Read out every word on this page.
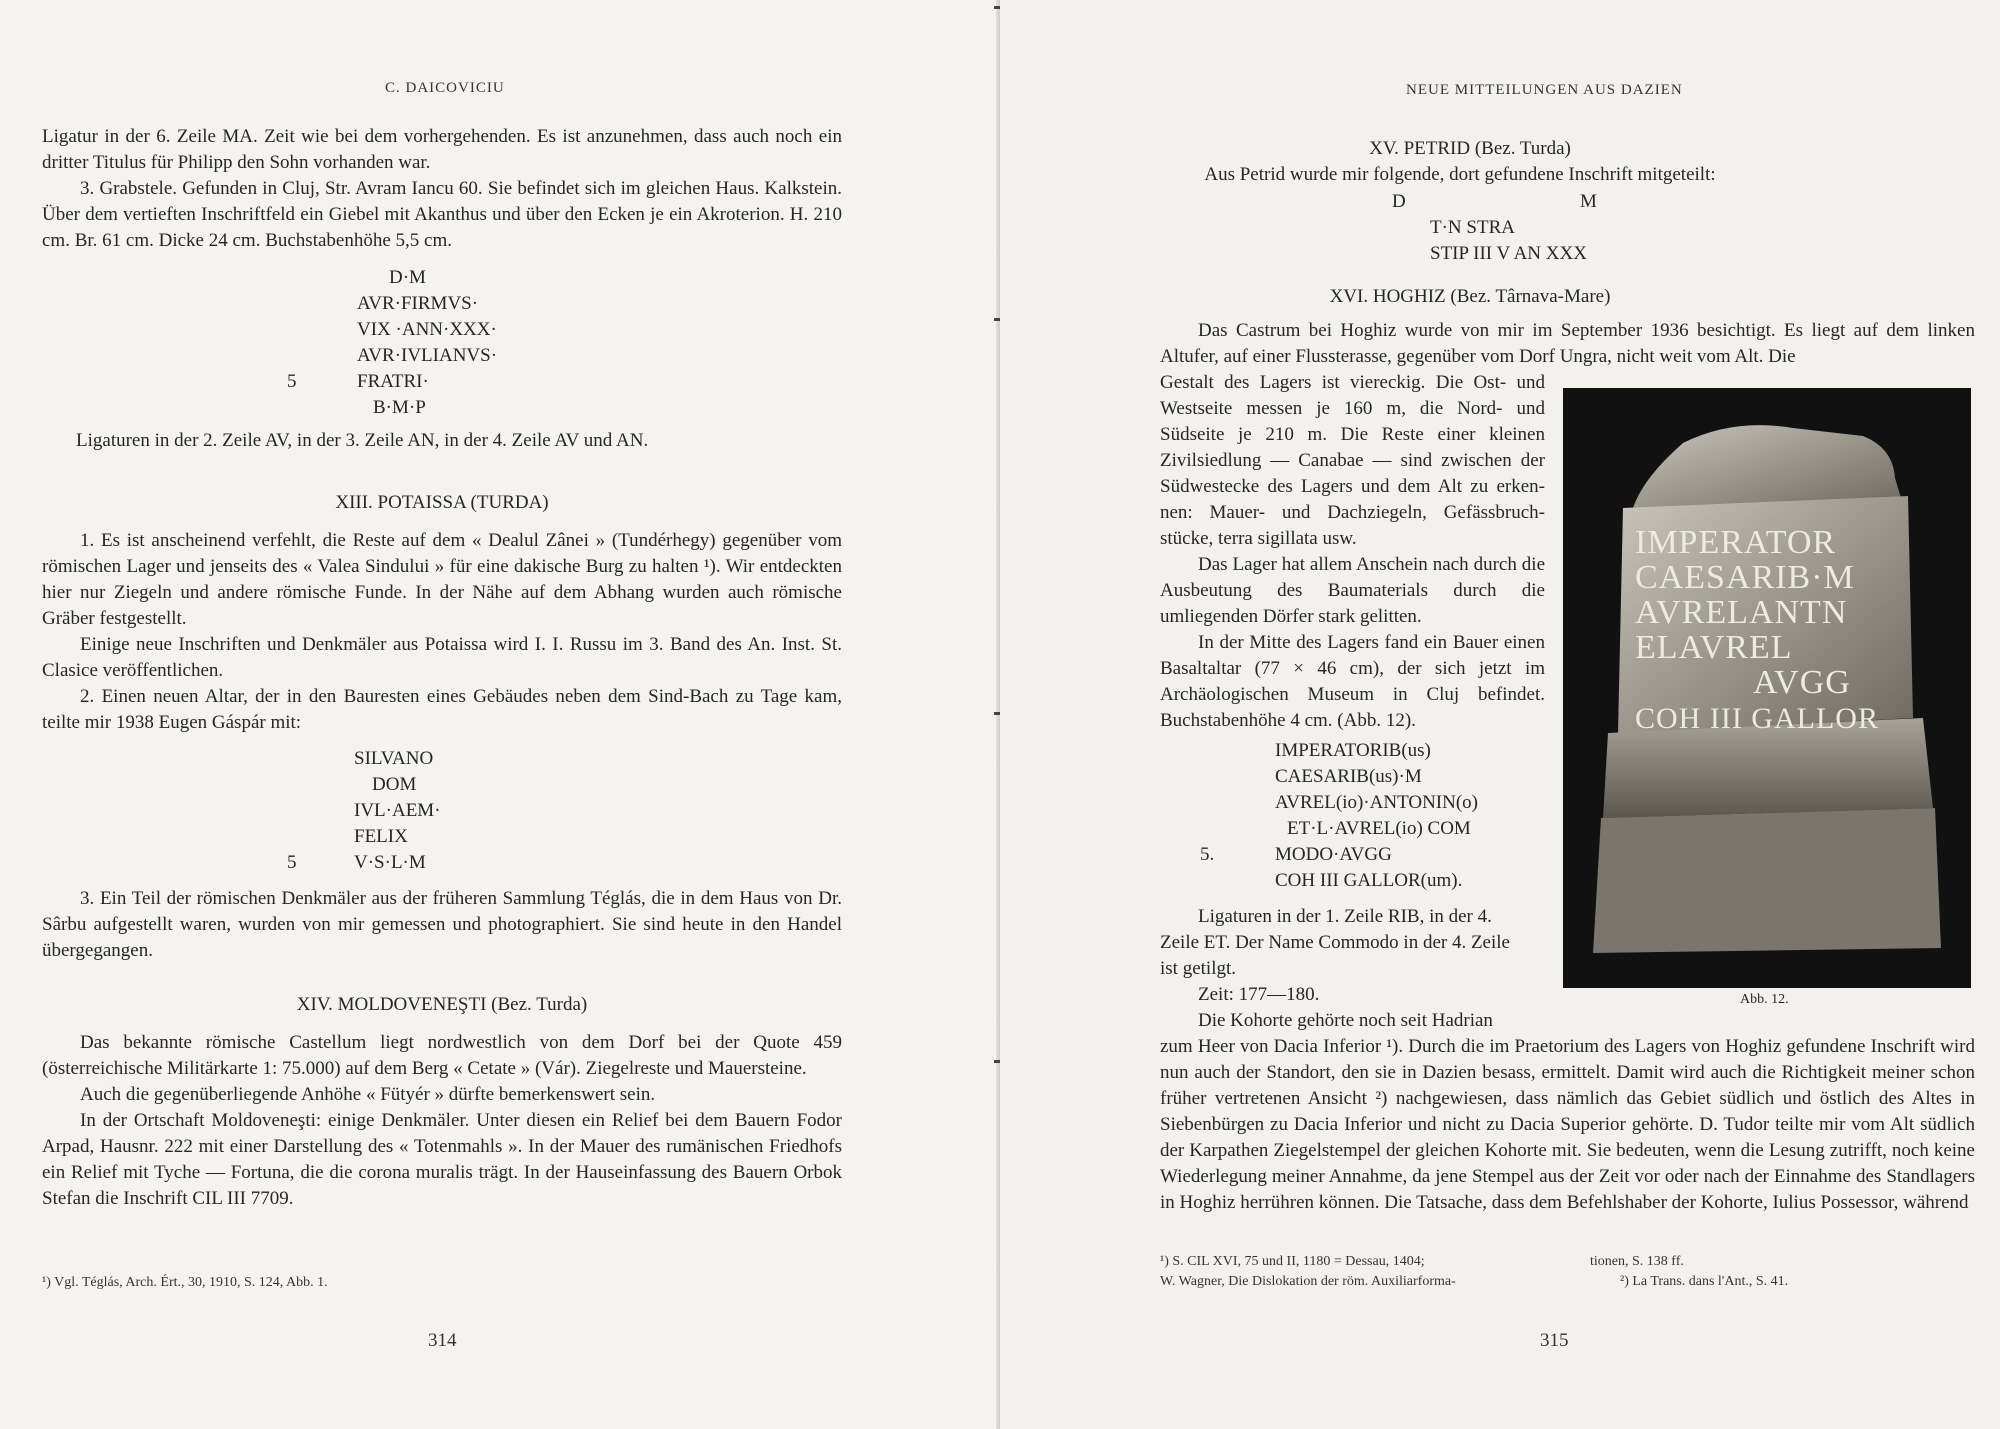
C. DAICOVICIU

Ligatur in der 6. Zeile MA. Zeit wie bei dem vorhergehenden. Es ist anzunehmen, dass auch noch ein dritter Titulus für Philipp den Sohn vorhanden war.

3. Grabstele. Gefunden in Cluj, Str. Avram Iancu 60. Sie befindet sich im gleichen Haus. Kalkstein. Über dem vertieften Inschriftfeld ein Giebel mit Akanthus und über den Ecken je ein Akroterion. H. 210 cm. Br. 61 cm. Dicke 24 cm. Buchstabenhöhe 5,5 cm.

D·M
AVR·FIRMVS·
VIX ·ANN·XXX·
AVR·IVLIANVS·
FRATRI·
B·M·P
5

Ligaturen in der 2. Zeile AV, in der 3. Zeile AN, in der 4. Zeile AV und AN.

XIII. POTAISSA (TURDA)

1. Es ist anscheinend verfehlt, die Reste auf dem « Dealul Zânei » (Tundérhegy) gegenüber vom römischen Lager und jenseits des « Valea Sindului » für eine dakische Burg zu halten ¹). Wir entdeckten hier nur Ziegeln und andere römische Funde. In der Nähe auf dem Abhang wurden auch römische Gräber festgestellt.

Einige neue Inschriften und Denkmäler aus Potaissa wird I. I. Russu im 3. Band des An. Inst. St. Clasice veröffentlichen.

2. Einen neuen Altar, der in den Bauresten eines Gebäudes neben dem Sind-Bach zu Tage kam, teilte mir 1938 Eugen Gáspár mit:

SILVANO
DOM
IVL·AEM·
FELIX
V·S·L·M
5

3. Ein Teil der römischen Denkmäler aus der früheren Sammlung Téglás, die in dem Haus von Dr. Sârbu aufgestellt waren, wurden von mir gemessen und photographiert. Sie sind heute in den Handel übergegangen.

XIV. MOLDOVENEŞTI (Bez. Turda)

Das bekannte römische Castellum liegt nordwestlich von dem Dorf bei der Quote 459 (österreichische Militärkarte 1: 75.000) auf dem Berg « Cetate » (Vár). Ziegelreste und Mauersteine.

Auch die gegenüberliegende Anhöhe « Fütyér » dürfte bemerkenswert sein.

In der Ortschaft Moldoveneşti: einige Denkmäler. Unter diesen ein Relief bei dem Bauern Fodor Arpad, Hausnr. 222 mit einer Darstellung des « Totenmahls ». In der Mauer des rumänischen Friedhofs ein Relief mit Tyche — Fortuna, die die corona muralis trägt. In der Hauseinfassung des Bauern Orbok Stefan die Inschrift CIL III 7709.

¹) Vgl. Téglás, Arch. Ért., 30, 1910, S. 124, Abb. 1.
314
NEUE MITTEILUNGEN AUS DAZIEN
XV. PETRID (Bez. Turda)
Aus Petrid wurde mir folgende, dort gefundene Inschrift mitgeteilt:
D	M
T·N STRA
STIP III V AN XXX
XVI. HOGHIZ (Bez. Târnava-Mare)

Das Castrum bei Hoghiz wurde von mir im September 1936 besichtigt. Es liegt auf dem linken Altufer, auf einer Flussterasse, gegenüber vom Dorf Ungra, nicht weit vom Alt. Die

Gestalt des Lagers ist viereckig. Die Ost- und
Westseite messen je 160 m, die Nord- und
Südseite je 210 m. Die Reste einer kleinen
Zivilsiedlung — Canabae — sind zwischen der
Südwestecke des Lagers und dem Alt zu erken-
nen: Mauer- und Dachziegeln, Gefässbruch-
stücke, terra sigillata usw.

Das Lager hat allem Anschein nach durch die Ausbeutung des Baumaterials durch die umliegenden Dörfer stark gelitten.

In der Mitte des Lagers fand ein Bauer einen Basaltaltar (77 × 46 cm), der sich jetzt im Archäologischen Museum in Cluj befindet. Buchstabenhöhe 4 cm. (Abb. 12).

IMPERATORIB(us)
CAESARIB(us)·M
AVREL(io)·ANTONIN(o)
ET·L·AVREL(io) COM
MODO·AVGG
COH III GALLOR(um).
5.
Ligaturen in der 1. Zeile RIB, in der 4.
Zeile ET. Der Name Commodo in der 4. Zeile
ist getilgt.
Zeit: 177—180.
Die Kohorte gehörte noch seit Hadrian

zum Heer von Dacia Inferior ¹). Durch die im Praetorium des Lagers von Hoghiz gefundene Inschrift wird nun auch der Standort, den sie in Dazien besass, ermittelt. Damit wird auch die Richtigkeit meiner schon früher vertretenen Ansicht ²) nachgewiesen, dass nämlich das Gebiet südlich und östlich des Altes in Siebenbürgen zu Dacia Inferior und nicht zu Dacia Superior gehörte. D. Tudor teilte mir vom Alt südlich der Karpathen Ziegelstempel der gleichen Kohorte mit. Sie bedeuten, wenn die Lesung zutrifft, noch keine Wiederlegung meiner Annahme, da jene Stempel aus der Zeit vor oder nach der Einnahme des Standlagers in Hoghiz herrühren können. Die Tatsache, dass dem Befehlshaber der Kohorte, Iulius Possessor, während

¹) S. CIL XVI, 75 und II, 1180 = Dessau, 1404;
W. Wagner, Die Dislokation der röm. Auxiliarforma-
tionen, S. 138 ff.
²) La Trans. dans l'Ant., S. 41.
315
IMPERATOR
CAESARIB·M
AVRELANTN
ELAVREL
AVGG
COH III GALLOR
Abb. 12.
